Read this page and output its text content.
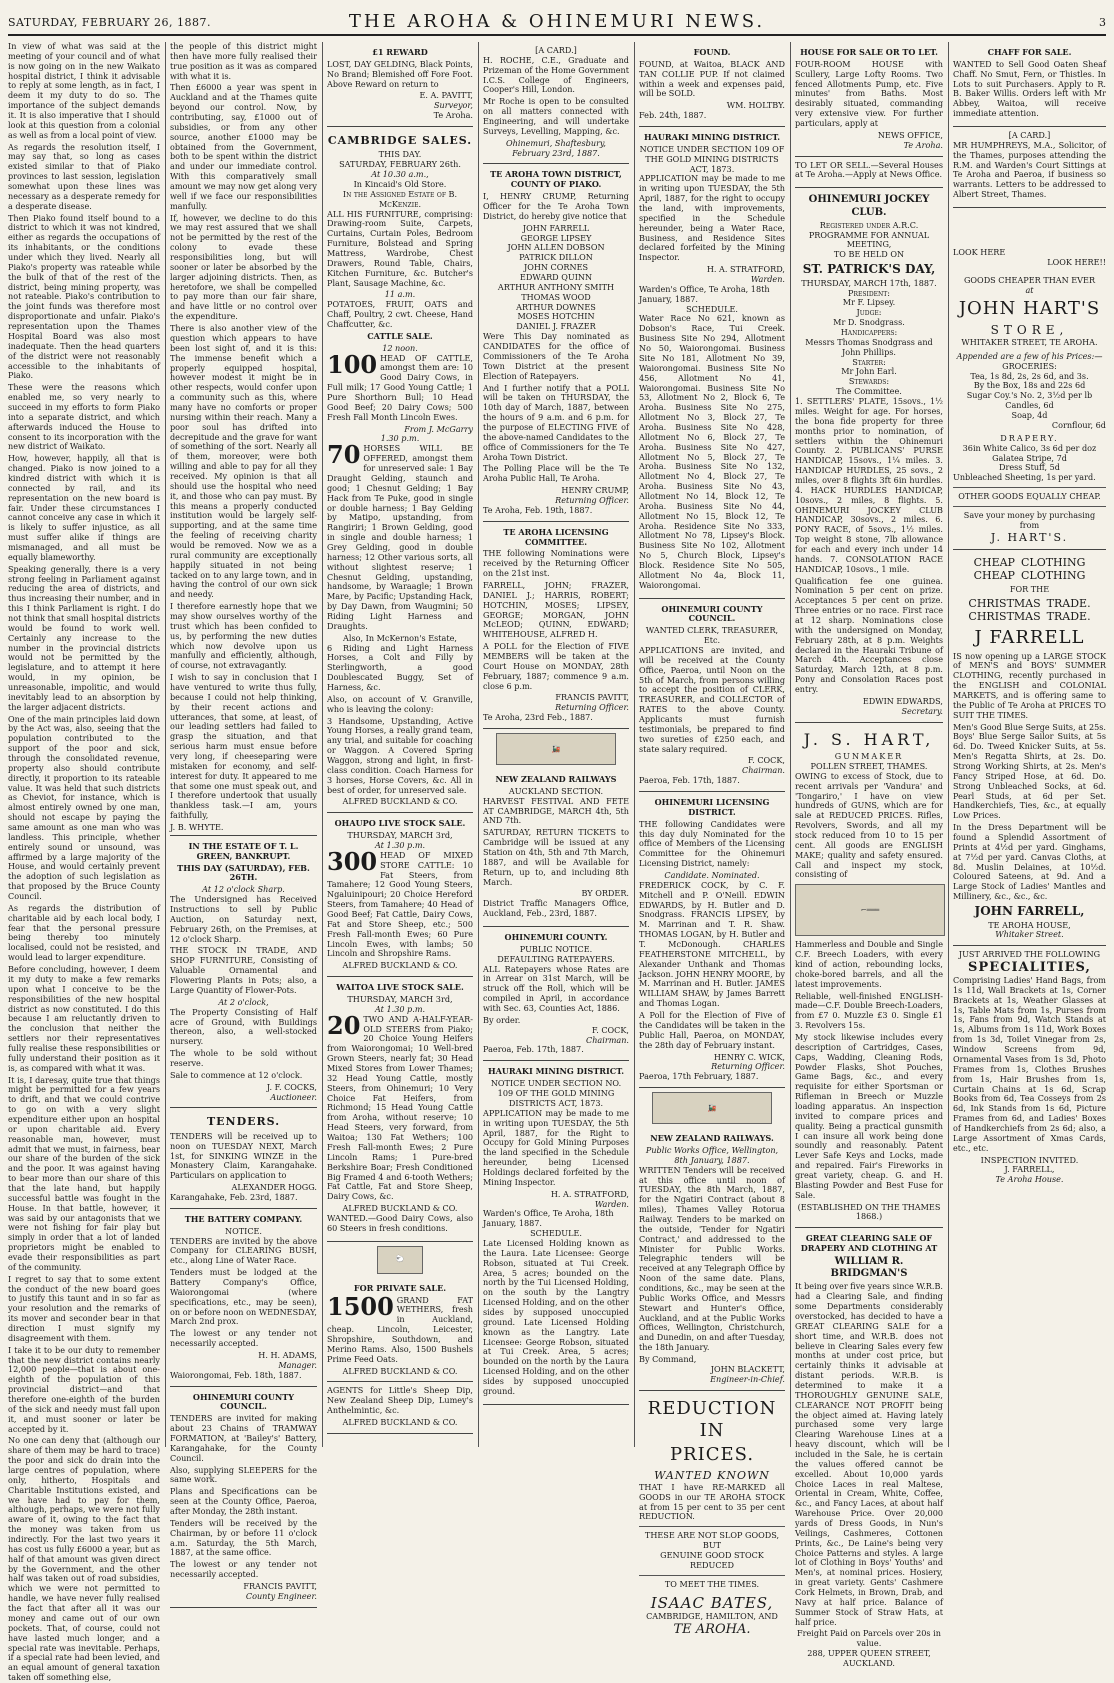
SATURDAY, FEBRUARY 26, 1887.	THE AROHA & OHINEMURI NEWS.	3

In view of what was said at the meeting of your council and of what is now going on in the new Waikato hospital district, I think it advisable to reply at some length, as in fact, I deem it my duty to do so. The importance of the subject demands it. It is also imperative that I should look at this question from a colonial as well as from a local point of view.

As regards the resolution itself, I may say that, so long as cases existed similar to that of Piako provinces to last session, legislation somewhat upon these lines was necessary as a desperate remedy for a desperate disease.

Then Piako found itself bound to a district to which it was not kindred, either as regards the occupations of its inhabitants, or the conditions under which they lived. Nearly all Piako's property was rateable while the bulk of that of the rest of the district, being mining property, was not rateable. Piako's contribution to the joint funds was therefore most disproportionate and unfair. Piako's representation upon the Thames Hospital Board was also most inadequate. Then the head quarters of the district were not reasonably accessible to the inhabitants of Piako.

These were the reasons which enabled me, so very nearly to succeed in my efforts to form Piako into a separate district, and which afterwards induced the House to consent to its incorporation with the new district of Waikato.

How, however, happily, all that is changed. Piako is now joined to a kindred district with which it is connected by rail, and its representation on the new board is fair. Under these circumstances I cannot conceive any case in which it is likely to suffer injustice, as all must suffer alike if things are mismanaged, and all must be equally blameworthy.

Speaking generally, there is a very strong feeling in Parliament against reducing the area of districts, and thus increasing their number, and in this I think Parliament is right. I do not think that small hospital districts would be found to work well. Certainly any increase to the number in the provincial districts would not be permitted by the legislature, and to attempt it here would, in my opinion, be unreasonable, impolitic, and would inevitably lead to an absorption by the larger adjacent districts.

One of the main principles laid down by the Act was, also, seeing that the population contributed to the support of the poor and sick, through the consolidated revenue, property also should contribute directly, it proportion to its rateable value. It was held that such districts as Cheviot, for instance, which is almost entirely owned by one man, should not escape by paying the same amount as one man who was landless. This principle, whether entirely sound or unsound, was affirmed by a large majority of the House, and would certainly prevent the adoption of such legislation as that proposed by the Bruce County Council.

As regards the distribution of charitable aid by each local body, I fear that the personal pressure being thereby too minutely localised, could not be resisted, and would lead to larger expenditure.

Before concluding, however, I deem it my duty to make a few remarks upon what I conceive to be the responsibilities of the new hospital district as now constituted. I do this because I am reluctantly driven to the conclusion that neither the settlers nor their representatives fully realise these responsibilities or fully understand their position as it is, as compared with what it was.

It is, I daresay, quite true that things might be permitted for a few years to drift, and that we could contrive to go on with a very slight expenditure either upon an hospital or upon charitable aid. Every reasonable man, however, must admit that we must, in fairness, bear our share of the burden of the sick and the poor. It was against having to bear more than our share of this that the late hand, but happily successful battle was fought in the House. In that battle, however, it was said by our antagonists that we were not fishing for fair play but simply in order that a lot of landed proprietors might be enabled to evade their responsibilities as part of the community.

I regret to say that to some extent the conduct of the new board goes to justify this taunt and in so far as your resolution and the remarks of its mover and seconder bear in that direction I must signify my disagreement with them.

I take it to be our duty to remember that the new district contains nearly 12,000 people—that is about one-eighth of the population of this provincial district—and that therefore one-eighth of the burden of the sick and needy must fall upon it, and must sooner or later be accepted by it.

No one can deny that (although our share of them may be hard to trace) the poor and sick do drain into the large centres of population, where only, hitherto, Hospitals and Charitable Institutions existed, and we have had to pay for them, although, perhaps, we were not fully aware of it, owing to the fact that the money was taken from us indirectly. For the last two years it has cost us fully £6000 a year, but as half of that amount was given direct by the Government, and the other half was taken out of road subsidies, which we were not permitted to handle, we have never fully realised the fact that after all it was our money and came out of our own pockets. That, of course, could not have lasted much longer, and a special rate was inevitable. Perhaps, if a special rate had been levied, and an equal amount of general taxation taken off something else,

the people of this district might then have more fully realised their true position as it was as compared with what it is.

Then £6000 a year was spent in Auckland and at the Thames quite beyond our control. Now, by contributing, say, £1000 out of subsidies, or from any other source, another £1000 may be obtained from the Government, both to be spent within the district and under our immediate control. With this comparatively small amount we may now get along very well if we face our responsibilities manfully.

If, however, we decline to do this we may rest assured that we shall not be permitted by the rest of the colony to evade these responsibilities long, but will sooner or later be absorbed by the larger adjoining districts. Then, as heretofore, we shall be compelled to pay more than our fair share, and have little or no control over the expenditure.

There is also another view of the question which appears to have been lost sight of, and it is this: The immense benefit which a properly equipped hospital, however modest it might be in other respects, would confer upon a community such as this, where many have no comforts or proper nursing within their reach. Many a poor soul has drifted into decrepitude and the grave for want of something of the sort. Nearly all of them, moreover, were both willing and able to pay for all they received. My opinion is that all should use the hospital who need it, and those who can pay must. By this means a properly conducted institution would be largely self-supporting, and at the same time the feeling of receiving charity would be removed. Now we as a rural community are exceptionally happily situated in not being tacked on to any large town, and in having the control of our own sick and needy.

I therefore earnestly hope that we may show ourselves worthy of the trust which has been confided to us, by performing the new duties which now devolve upon us manfully and efficiently, although, of course, not extravagantly.

I wish to say in conclusion that I have ventured to write thus fully, because I could not help thinking, by their recent actions and utterances, that some, at least, of our leading settlers had failed to grasp the situation, and that serious harm must ensue before very long, if cheeseparing were mistaken for economy, and self-interest for duty. It appeared to me that some one must speak out, and I therefore undertook that usually thankless task.—I am, yours faithfully,

J. B. WHYTE.

IN THE ESTATE OF T. L. GREEN, BANKRUPT.
THIS DAY (SATURDAY), FEB. 26TH.
At 12 o'clock Sharp.

The Undersigned has Received Instructions to sell by Public Auction, on Saturday next, February 26th, on the Premises, at 12 o'clock Sharp.

THE STOCK IN TRADE, AND SHOP FURNITURE, Consisting of Valuable Ornamental and Flowering Plants in Pots; also, a Large Quantity of Flower-Pots.

At 2 o'clock,

The Property Consisting of Half acre of Ground, with Buildings thereon, also, a well-stocked nursery.

The whole to be sold without reserve.

Sale to commence at 12 o'clock.

J. F. COCKS,
Auctioneer.
TENDERS.

TENDERS will be received up to noon on TUESDAY NEXT, March 1st, for SINKING WINZE in the Monastery Claim, Karangahake. Particulars on application to

ALEXANDER HOGG.
Karangahake, Feb. 23rd, 1887.
THE BATTERY COMPANY.
NOTICE.

TENDERS are invited by the above Company for CLEARING BUSH, etc., along Line of Water Race.

Tenders must be lodged at the Battery Company's Office, Waiorongomai (where specifications, etc., may be seen), on or before noon on WEDNESDAY, March 2nd prox.

The lowest or any tender not necessarily accepted.

H. H. ADAMS,
Manager.
Waiorongomai, Feb. 18th, 1887.
OHINEMURI COUNTY COUNCIL.

TENDERS are invited for making about 23 Chains of TRAMWAY FORMATION, at 'Bailey's' Battery, Karangahake, for the County Council.

Also, supplying SLEEPERS for the same work.

Plans and Specifications can be seen at the County Office, Paeroa, after Monday, the 28th instant.

Tenders will be received by the Chairman, by or before 11 o'clock a.m. Saturday, the 5th March, 1887, at the same office.

The lowest or any tender not necessarily accepted.

FRANCIS PAVITT,
County Engineer.
£1 REWARD

LOST, DAY GELDING, Black Points, No Brand; Blemished off Fore Foot. Above Reward on return to

E. A. PAVITT,
Surveyor,
Te Aroha.
CAMBRIDGE SALES.
THIS DAY.
SATURDAY, FEBRUARY 26th.
At 10.30 a.m.,
In Kincaid's Old Store.
In the Assigned Estate of B. McKenzie.

ALL HIS FURNITURE, comprising: Drawing-room Suite, Carpets, Curtains, Curtain Poles, Bedroom Furniture, Bolstead and Spring Mattress, Wardrobe, Chest Drawers, Round Table, Chairs, Kitchen Furniture, &c. Butcher's Plant, Sausage Machine, &c.

11 a.m.

POTATOES, FRUIT, OATS and Chaff, Poultry, 2 cwt. Cheese, Hand Chaffcutter, &c.

CATTLE SALE.
12 noon.

100 HEAD OF CATTLE, amongst them are: 10 Good Dairy Cows, in Full milk; 17 Good Young Cattle; 1 Pure Shorthorn Bull; 10 Head Good Beef; 20 Dairy Cows; 500 Fresh Fall Month Lincoln Ewes.

From J. McGarry
1.30 p.m.

70 HORSES WILL BE OFFERED, amongst them for unreserved sale: 1 Bay Draught Gelding, staunch and good; 1 Chesnut Gelding; 1 Bay Hack from Te Puke, good in single or double harness; 1 Bay Gelding by Matipo, upstanding, from Rangiriri; 1 Brown Gelding, good in single and double harness; 1 Grey Gelding, good in double harness; 12 Other various sorts, all without slightest reserve; 1 Chesnut Gelding, upstanding, handsome, by Waraagle; 1 Brown Mare, by Pacific; Upstanding Hack, by Day Dawn, from Waugmini; 50 Riding Light Harness and Draughts.

Also, In McKernon's Estate,

6 Riding and Light Harness Horses, a Colt and Filly by Sterlingworth, a good Doublescated Buggy, Set of Harness, &c.

Also, on account of V. Granville, who is leaving the colony:

3 Handsome, Upstanding, Active Young Horses, a really grand team, any trial, and suitable for coaching or Waggon. A Covered Spring Waggon, strong and light, in first-class condition. Coach Harness for 3 horses, Horse Covers, &c. All in best of order, for unreserved sale.

ALFRED BUCKLAND & CO.
OHAUPO LIVE STOCK SALE.
THURSDAY, MARCH 3rd,
At 1.30 p.m.

300 HEAD OF MIXED STORE CATTLE: 10 Fat Steers, from Tamahere; 12 Good Young Steers, Ngaluinipouri; 20 Choice Hereford Steers, from Tamahere; 40 Head of Good Beef; Fat Cattle, Dairy Cows, Fat and Store Sheep, etc.; 500 Fresh Fall-month Ewes; 60 Pure Lincoln Ewes, with lambs; 50 Lincoln and Shropshire Rams.

ALFRED BUCKLAND & CO.
WAITOA LIVE STOCK SALE.
THURSDAY, MARCH 3rd,
At 1.30 p.m.

20 TWO AND A-HALF-YEAR-OLD STEERS from Piako; 20 Choice Young Heifers from Waiorongomai; 10 Well-bred Grown Steers, nearly fat; 30 Head Mixed Stores from Lower Thames; 32 Head Young Cattle, mostly Steers, from Ohinemuri; 10 Very Choice Fat Heifers, from Richmond; 15 Head Young Cattle from Aroha, without reserve; 10 Head Steers, very forward, from Waitoa; 130 Fat Wethers; 100 Fresh Fall-month Ewes; 2 Pure Lincoln Rams; 1 Pure-bred Berkshire Boar; Fresh Conditioned Big Framed 4 and 6-tooth Wethers; Fat Cattle, Fat and Store Sheep, Dairy Cows, &c.

ALFRED BUCKLAND & CO.

WANTED.—Good Dairy Cows, also 60 Steers in fresh conditions.

🐑
FOR PRIVATE SALE.

1500 GRAND FAT WETHERS, fresh in Auckland, cheap. Lincoln, Leicester, Shropshire, Southdown, and Merino Rams. Also, 1500 Bushels Prime Feed Oats.

ALFRED BUCKLAND & CO.

AGENTS for Little's Sheep Dip, New Zealand Sheep Dip, Lumey's Anthelmintic, &c.

ALFRED BUCKLAND & CO.
[A CARD.]

H. ROCHE, C.E., Graduate and Prizeman of the Home Government I.C.S. College of Engineers, Cooper's Hill, London.

Mr Roche is open to be consulted on all matters connected with Engineering, and will undertake Surveys, Levelling, Mapping, &c.

Ohinemuri, Shaftesbury,
February 23rd, 1887.
TE AROHA TOWN DISTRICT, COUNTY OF PIAKO.

I, HENRY CRUMP, Returning Officer for the Te Aroha Town District, do hereby give notice that

JOHN FARRELL
GEORGE LIPSEY
JOHN ALLEN DOBSON
PATRICK DILLON
JOHN CORNES
EDWARD QUINN
ARTHUR ANTHONY SMITH
THOMAS WOOD
ARTHUR DOWNES
MOSES HOTCHIN
DANIEL J. FRAZER

Were This Day nominated as CANDIDATES for the office of Commissioners of the Te Aroha Town District at the present Election of Ratepayers.

And I further notify that a POLL will be taken on THURSDAY, the 10th day of March, 1887, between the hours of 9 a.m. and 6 p.m. for the purpose of ELECTING FIVE of the above-named Candidates to the office of Commissioners for the Te Aroha Town District.

The Polling Place will be the Te Aroha Public Hall, Te Aroha.

HENRY CRUMP,
Returning Officer.
Te Aroha, Feb. 19th, 1887.
TE AROHA LICENSING COMMITTEE.

THE following Nominations were received by the Returning Officer on the 21st inst.

FARRELL, JOHN; FRAZER, DANIEL J.; HARRIS, ROBERT; HOTCHIN, MOSES; LIPSEY, GEORGE; MORGAN, JOHN McLEOD; QUINN, EDWARD; WHITEHOUSE, ALFRED H.

A POLL for the Election of FIVE MEMBERS will be taken at the Court House on MONDAY, 28th February, 1887; commence 9 a.m. close 6 p.m.

FRANCIS PAVITT,
Returning Officer.
Te Aroha, 23rd Feb., 1887.
🚂
NEW ZEALAND RAILWAYS
AUCKLAND SECTION.

HARVEST FESTIVAL AND FETE AT CAMBRIDGE, MARCH 4th, 5th AND 7th.

SATURDAY, RETURN TICKETS to Cambridge will be issued at any Station on 4th, 5th and 7th March, 1887, and will be Available for Return, up to, and including 8th March.

BY ORDER.

District Traffic Managers Office, Auckland, Feb., 23rd, 1887.

OHINEMURI COUNTY.
PUBLIC NOTICE.
DEFAULTING RATEPAYERS.

ALL Ratepayers whose Rates are in Arrear on 31st March, will be struck off the Roll, which will be compiled in April, in accordance with Sec. 63, Counties Act, 1886.

By order.
F. COCK,
Chairman.
Paeroa, Feb. 17th, 1887.
HAURAKI MINING DISTRICT.
NOTICE UNDER SECTION NO. 109 OF THE GOLD MINING DISTRICTS ACT, 1873.

APPLICATION may be made to me in writing upon TUESDAY, the 5th April, 1887, for the Right to Occupy for Gold Mining Purposes the land specified in the Schedule hereunder, being Licensed Holdings declared forfeited by the Mining Inspector.

H. A. STRATFORD,
Warden.
Warden's Office, Te Aroha, 18th January, 1887.
SCHEDULE.

Late Licensed Holding known as the Laura. Late Licensee: George Robson, situated at Tui Creek. Area, 5 acres; bounded on the north by the Tui Licensed Holding, on the south by the Langtry Licensed Holding, and on the other sides by supposed unoccupied ground. Late Licensed Holding known as the Langtry. Late Licensee: George Robson, situated at Tui Creek. Area, 5 acres; bounded on the north by the Laura Licensed Holding, and on the other sides by supposed unoccupied ground.

FOUND.

FOUND, at Waitoa, BLACK AND TAN COLLIE PUP. If not claimed within a week and expenses paid, will be SOLD.

WM. HOLTBY.
Feb. 24th, 1887.
HAURAKI MINING DISTRICT.
NOTICE UNDER SECTION 109 OF THE GOLD MINING DISTRICTS ACT, 1873.

APPLICATION may be made to me in writing upon TUESDAY, the 5th April, 1887, for the right to occupy the land, with improvements, specified in the Schedule hereunder, being a Water Race, Business, and Residence Sites declared forfeited by the Mining Inspector.

H. A. STRATFORD,
Warden.
Warden's Office, Te Aroha, 18th January, 1887.
SCHEDULE.

Water Race No 621, known as Dobson's Race, Tui Creek. Business Site No 294, Allotment No 50, Waiorongomai. Business Site No 181, Allotment No 39, Waiorongomai. Business Site No 456, Allotment No 41, Waiorongomai. Business Site No 53, Allotment No 2, Block 6, Te Aroha. Business Site No 275, Allotment No 3, Block 27, Te Aroha. Business Site No 428, Allotment No 6, Block 27, Te Aroha. Business Site No 427, Allotment No 5, Block 27, Te Aroha. Business Site No 132, Allotment No 4, Block 27, Te Aroha. Business Site No 43, Allotment No 14, Block 12, Te Aroha. Business Site No 44, Allotment No 15, Block 12, Te Aroha. Residence Site No 333, Allotment No 78, Lipsey's Block. Business Site No 102, Allotment No 5, Church Block, Lipsey's Block. Residence Site No 505, Allotment No 4a, Block 11, Waiorongomai.

OHINEMURI COUNTY COUNCIL.
WANTED CLERK, TREASURER, Etc.

APPLICATIONS are invited, and will be received at the County Office, Paeroa, until Noon on the 5th of March, from persons willing to accept the position of CLERK, TREASURER, and COLLECTOR of RATES to the above County. Applicants must furnish testimonials, be prepared to find two sureties of £250 each, and state salary required.

F. COCK,
Chairman.
Paeroa, Feb. 17th, 1887.
OHINEMURI LICENSING DISTRICT.

THE following Candidates were this day duly Nominated for the office of Members of the Licensing Committee for the Ohinemuri Licensing District, namely:

Candidate. Nominated.

FREDERICK COCK, by C. F. Mitchell and P. O'Neill. EDWIN EDWARDS, by H. Butler and D. Snodgrass. FRANCIS LIPSEY, by M. Marrinan and T. R. Shaw. THOMAS LOGAN, by H. Butler and T. McDonough. CHARLES FEATHERSTONE MITCHELL, by Alexander Unthank and Thomas Jackson. JOHN HENRY MOORE, by M. Marrinan and H. Butler. JAMES WILLIAM SHAW, by James Barrett and Thomas Logan.

A Poll for the Election of Five of the Candidates will be taken in the Public Hall, Paeroa, on MONDAY, the 28th day of February instant.

HENRY C. WICK,
Returning Officer.
Paeroa, 17th February, 1887.
🚂
NEW ZEALAND RAILWAYS.
Public Works Office, Wellington, 8th January, 1887.

WRITTEN Tenders will be received at this office until noon of TUESDAY, the 8th March, 1887, for the Ngatiri Contract (about 8 miles), Thames Valley Rotorua Railway. Tenders to be marked on the outside, 'Tender for Ngatiri Contract,' and addressed to the Minister for Public Works. Telegraphic tenders will be received at any Telegraph Office by Noon of the same date. Plans, conditions, &c., may be seen at the Public Works Office, and Messrs Stewart and Hunter's Office, Auckland, and at the Public Works Offices, Wellington, Christchurch, and Dunedin, on and after Tuesday, the 18th January.

By Command,
JOHN BLACKETT,
Engineer-in-Chief.
REDUCTION IN
PRICES.
WANTED KNOWN

THAT I have RE-MARKED all GOODS in our TE AROHA STOCK at from 15 per cent to 35 per cent REDUCTION.

THESE ARE NOT SLOP GOODS, BUT
GENUINE GOOD STOCK REDUCED
TO MEET THE TIMES.
ISAAC BATES,
CAMBRIDGE, HAMILTON, AND
TE AROHA.
HOUSE FOR SALE OR TO LET.

FOUR-ROOM HOUSE with Scullery, Large Lofty Rooms. Two fenced Allotments Pump, etc. Five minutes' from Baths. Most desirably situated, commanding very extensive view. For further particulars, apply at

NEWS OFFICE,
Te Aroha.

TO LET OR SELL.—Several Houses at Te Aroha.—Apply at News Office.

OHINEMURI JOCKEY CLUB.
Registered under A.R.C.
PROGRAMME FOR ANNUAL MEETING,
TO BE HELD ON
ST. PATRICK'S DAY,
THURSDAY, MARCH 17th, 1887.
President:
Mr F. Lipsey.
Judge:
Mr D. Snodgrass.
Handicappers:
Messrs Thomas Snodgrass and John Phillips.
Starter:
Mr John Earl.
Stewards:
The Committee.

1. SETTLERS' PLATE, 15sovs., 1½ miles. Weight for age. For horses, the bona fide property for three months prior to nomination, of settlers within the Ohinemuri County. 2. PUBLICANS' PURSE HANDICAP, 15sovs., 1¼ miles. 3. HANDICAP HURDLES, 25 sovs., 2 miles, over 8 flights 3ft 6in hurdles. 4. HACK HURDLES HANDICAP, 10sovs., 2 miles, 8 flights. 5. OHINEMURI JOCKEY CLUB HANDICAP, 30sovs., 2 miles. 6. PONY RACE, of 5sovs., 1½ miles. Top weight 8 stone, 7lb allowance for each and every inch under 14 hands. 7. CONSOLATION RACE HANDICAP, 10sovs., 1 mile.

Qualification fee one guinea. Nomination 5 per cent on prize. Acceptances 5 per cent on prize. Three entries or no race. First race at 12 sharp. Nominations close with the undersigned on Monday, February 28th, at 8 p.m. Weights declared in the Hauraki Tribune of March 4th. Acceptances close Saturday, March 12th, at 8 p.m. Pony and Consolation Races post entry.

EDWIN EDWARDS,
Secretary.
J. S. HART,
GUNMAKER
POLLEN STREET, THAMES.

OWING to excess of Stock, due to recent arrivals per 'Vandura' and 'Tongariro,' I have on view hundreds of GUNS, which are for sale at REDUCED PRICES. Rifles, Revolvers, Swords, and all my stock reduced from 10 to 15 per cent. All goods are ENGLISH MAKE; quality and safety ensured. Call and inspect my stock, consisting of

⌐═══

Hammerless and Double and Single C.F. Breech Loaders, with every kind of action, rebounding locks, choke-bored barrels, and all the latest improvements.

Reliable, well-finished ENGLISH-made—C.F. Double Breech-Loaders, from £7 0. Muzzle £3 0. Single £1 3. Revolvers 15s.

My stock likewise includes every description of Cartridges, Cases, Caps, Wadding, Cleaning Rods, Powder Flasks, Shot Pouches, Game Bags, &c., and every requisite for either Sportsman or Rifleman in Breech or Muzzle loading apparatus. An inspection invited to compare prices and quality. Being a practical gunsmith I can insure all work being done soundly and reasonably. Patent Lever Safe Keys and Locks, made and repaired. Fair's Fireworks in great variety, cheap. G. and H. Blasting Powder and Best Fuse for Sale.

(ESTABLISHED ON THE THAMES 1868.)
GREAT CLEARING SALE OF DRAPERY AND CLOTHING AT
WILLIAM R. BRIDGMAN'S

It being over five years since W.R.B. had a Clearing Sale, and finding some Departments considerably overstocked, has decided to have a GREAT CLEARING SALE for a short time, and W.R.B. does not believe in Clearing Sales every few months at under cost price, but certainly thinks it advisable at distant periods. W.R.B. is determined to make it a THOROUGHLY GENUINE SALE, CLEARANCE NOT PROFIT being the object aimed at. Having lately purchased some very large Clearing Warehouse Lines at a heavy discount, which will be included in the Sale, he is certain the values offered cannot be excelled. About 10,000 yards Choice Laces in real Maltese, Oriental in Cream, White, Coffee, &c., and Fancy Laces, at about half Warehouse Price. Over 20,000 yards of Dress Goods, in Nun's Veilings, Cashmeres, Cottonen Prints, &c., De Laine's being very Choice Patterns and styles. A large lot of Clothing in Boys' Youths' and Men's, at nominal prices. Hosiery, in great variety. Gents' Cashmere Cork Helmets, in Brown, Drab, and Navy at half price. Balance of Summer Stock of Straw Hats, at half price.

Freight Paid on Parcels over 20s in value.
288, UPPER QUEEN STREET,
AUCKLAND.
CHAFF FOR SALE.

WANTED to Sell Good Oaten Sheaf Chaff. No Smut, Fern, or Thistles. In Lots to suit Purchasers. Apply to R. B. Baker Willis. Orders left with Mr Abbey, Waitoa, will receive immediate attention.

[A CARD.]

MR HUMPHREYS, M.A., Solicitor, of the Thames, purposes attending the R.M. and Warden's Court Sittings at Te Aroha and Paeroa, if business so warrants. Letters to be addressed to Albert Street, Thames.

LOOK HERE
LOOK HERE!!
GOODS CHEAPER THAN EVER
at
JOHN HART'S
STORE,
WHITAKER STREET, TE AROHA.
Appended are a few of his Prices:—
GROCERIES:
Tea, 1s 8d, 2s, 2s 6d, and 3s.
By the Box, 18s and 22s 6d
Sugar Coy.'s No. 2, 3½d per lb
Candles, 6d
Soap, 4d
Cornflour, 6d
DRAPERY.
36in White Calico, 3s 6d per doz
Galatea Stripe, 7d
Dress Stuff, 5d
Unbleached Sheeting, 1s per yard.
OTHER GOODS EQUALLY CHEAP.
Save your money by purchasing from
J. HART'S.
CHEAP
CHEAP
CLOTHING
CLOTHING
FOR THE
CHRISTMAS
CHRISTMAS
TRADE.
TRADE.
J FARRELL

IS now opening up a LARGE STOCK of MEN'S and BOYS' SUMMER CLOTHING, recently purchased in the ENGLISH and COLONIAL MARKETS, and is offering same to the Public of Te Aroha at PRICES TO SUIT THE TIMES.

Men's Good Blue Serge Suits, at 25s. Boys' Blue Serge Sailor Suits, at 5s 6d. Do. Tweed Knicker Suits, at 5s. Men's Regatta Shirts, at 2s. Do. Strong Working Shirts, at 2s. Men's Fancy Striped Hose, at 6d. Do. Strong Unbleached Socks, at 6d. Pearl Studs, at 6d per Set. Handkerchiefs, Ties, &c., at equally Low Prices.

In the Dress Department will be found a Splendid Assortment of Prints at 4½d per yard. Ginghams, at 7½d per yard. Canvas Cloths, at 8d. Muslin Delaines, at 10½d. Coloured Sateens, at 9d. And a Large Stock of Ladies' Mantles and Millinery, &c., &c., &c.

JOHN FARRELL,
TE AROHA HOUSE,
Whitaker Street.
JUST ARRIVED THE FOLLOWING
SPECIALITIES,

Comprising Ladies' Hand Bags, from 1s 11d, Wall Brackets at 1s, Corner Brackets at 1s, Weather Glasses at 1s, Table Mats from 1s, Purses from 1s, Fans from 9d, Watch Stands at 1s, Albums from 1s 11d, Work Boxes from 1s 3d, Toilet Vinegar from 2s, Window Screens from 9d, Ornamental Vases from 1s 3d, Photo Frames from 1s, Clothes Brushes from 1s, Hair Brushes from 1s, Curtain Chains at 1s 6d, Scrap Books from 6d, Tea Cosseys from 2s 6d, Ink Stands from 1s 6d, Picture Frames from 6d, and Ladies' Boxes of Handkerchiefs from 2s 6d; also, a Large Assortment of Xmas Cards, etc., etc.

INSPECTION INVITED.
J. FARRELL,
Te Aroha House.
